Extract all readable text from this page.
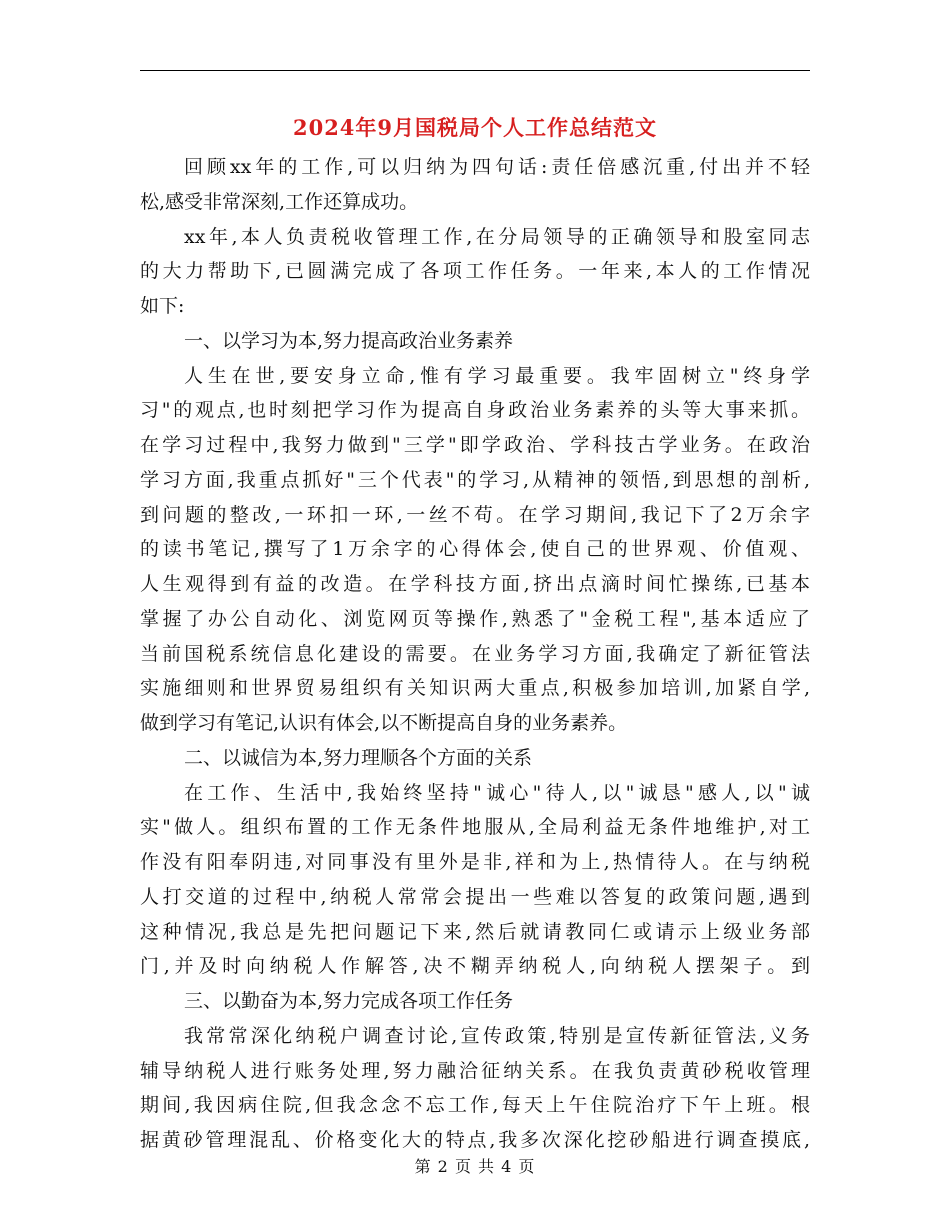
2024年9月国税局个人工作总结范文
回顾xx年的工作,可以归纳为四句话:责任倍感沉重,付出并不轻
松,感受非常深刻,工作还算成功。
xx年,本人负责税收管理工作,在分局领导的正确领导和股室同志
的大力帮助下,已圆满完成了各项工作任务。一年来,本人的工作情况
如下:
一、以学习为本,努力提高政治业务素养
人生在世,要安身立命,惟有学习最重要。我牢固树立"终身学
习"的观点,也时刻把学习作为提高自身政治业务素养的头等大事来抓。
在学习过程中,我努力做到"三学"即学政治、学科技古学业务。在政治
学习方面,我重点抓好"三个代表"的学习,从精神的领悟,到思想的剖析,
到问题的整改,一环扣一环,一丝不苟。在学习期间,我记下了2万余字
的读书笔记,撰写了1万余字的心得体会,使自己的世界观、价值观、
人生观得到有益的改造。在学科技方面,挤出点滴时间忙操练,已基本
掌握了办公自动化、浏览网页等操作,熟悉了"金税工程",基本适应了
当前国税系统信息化建设的需要。在业务学习方面,我确定了新征管法
实施细则和世界贸易组织有关知识两大重点,积极参加培训,加紧自学,
做到学习有笔记,认识有体会,以不断提高自身的业务素养。
二、以诚信为本,努力理顺各个方面的关系
在工作、生活中,我始终坚持"诚心"待人,以"诚恳"感人,以"诚
实"做人。组织布置的工作无条件地服从,全局利益无条件地维护,对工
作没有阳奉阴违,对同事没有里外是非,祥和为上,热情待人。在与纳税
人打交道的过程中,纳税人常常会提出一些难以答复的政策问题,遇到
这种情况,我总是先把问题记下来,然后就请教同仁或请示上级业务部
门,并及时向纳税人作解答,决不糊弄纳税人,向纳税人摆架子。到
三、以勤奋为本,努力完成各项工作任务
我常常深化纳税户调查讨论,宣传政策,特别是宣传新征管法,义务
辅导纳税人进行账务处理,努力融洽征纳关系。在我负责黄砂税收管理
期间,我因病住院,但我念念不忘工作,每天上午住院治疗下午上班。根
据黄砂管理混乱、价格变化大的特点,我多次深化挖砂船进行调查摸底,
第 2 页 共 4 页
